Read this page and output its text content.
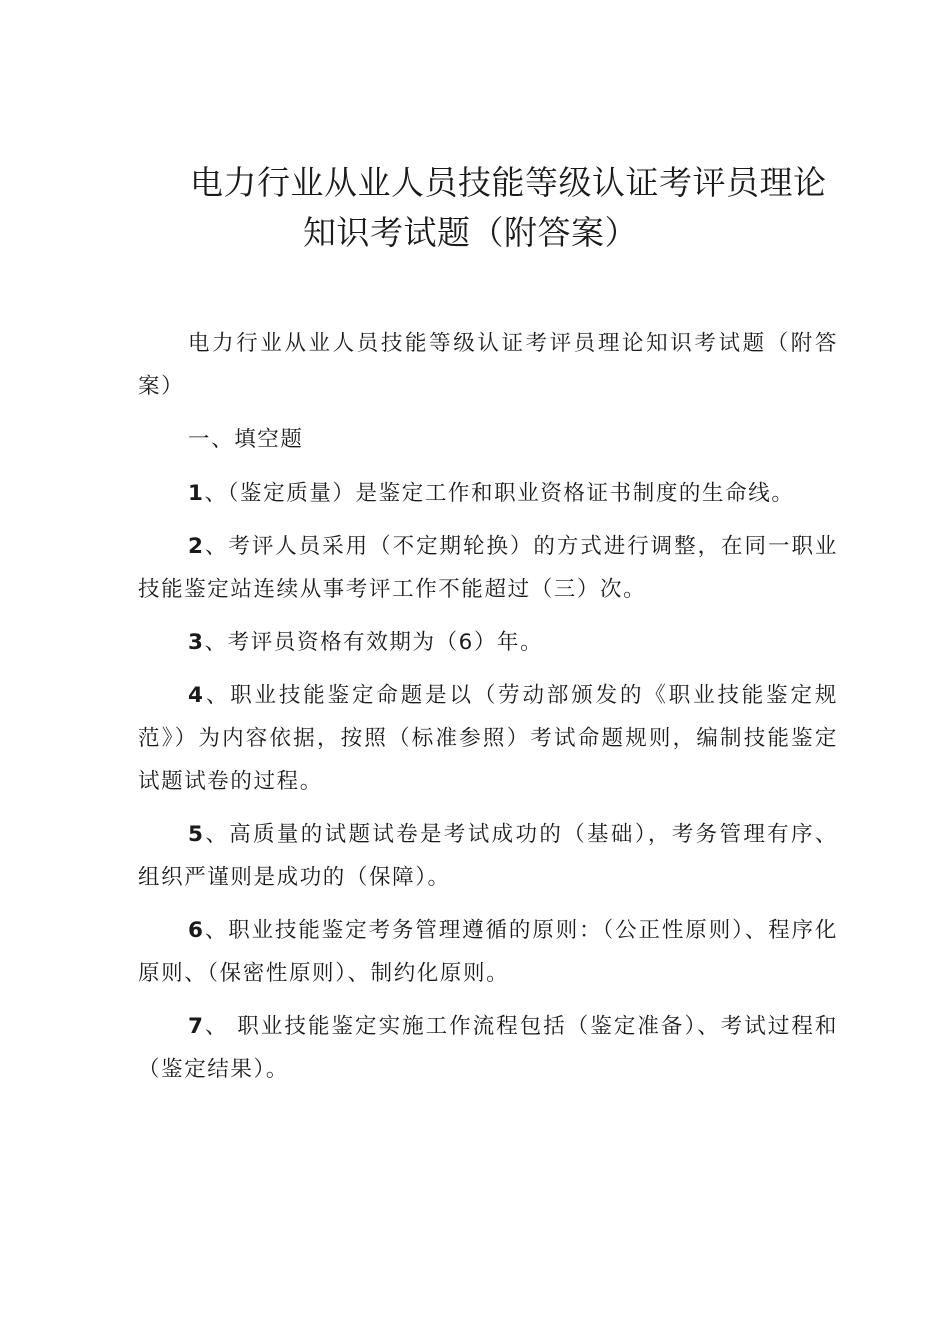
电力行业从业人员技能等级认证考评员理论
知识考试题（附答案）

电力行业从业人员技能等级认证考评员理论知识考试题（附答案）

一、填空题

1、（鉴定质量）是鉴定工作和职业资格证书制度的生命线。

2、考评人员采用（不定期轮换）的方式进行调整，在同一职业技能鉴定站连续从事考评工作不能超过（三）次。

3、考评员资格有效期为（6）年。

4、职业技能鉴定命题是以（劳动部颁发的《职业技能鉴定规范》）为内容依据，按照（标准参照）考试命题规则，编制技能鉴定试题试卷的过程。

5、高质量的试题试卷是考试成功的（基础），考务管理有序、组织严谨则是成功的（保障）。

6、职业技能鉴定考务管理遵循的原则：（公正性原则）、程序化原则、（保密性原则）、制约化原则。

7、 职业技能鉴定实施工作流程包括（鉴定准备）、考试过程和（鉴定结果）。
